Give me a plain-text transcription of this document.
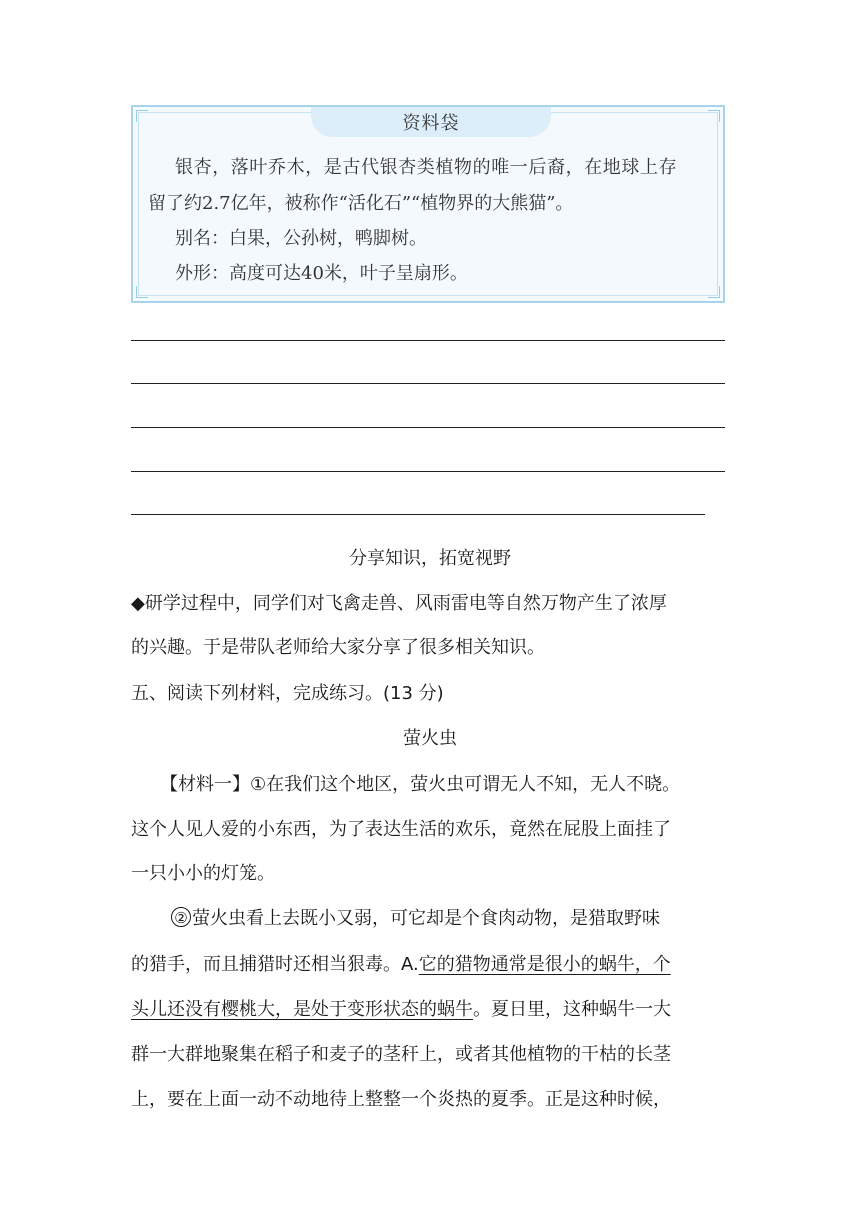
资料袋
银杏，落叶乔木，是古代银杏类植物的唯一后裔，在地球上存
留了约2.7亿年，被称作“活化石”“植物界的大熊猫”。
别名：白果，公孙树，鸭脚树。
外形：高度可达40米，叶子呈扇形。
分享知识，拓宽视野
◆研学过程中，同学们对飞禽走兽、风雨雷电等自然万物产生了浓厚
的兴趣。于是带队老师给大家分享了很多相关知识。
五、阅读下列材料，完成练习。(13 分)
萤火虫
【材料一】①在我们这个地区，萤火虫可谓无人不知，无人不晓。
这个人见人爱的小东西，为了表达生活的欢乐，竟然在屁股上面挂了
一只小小的灯笼。
② 萤火虫看上去既小又弱，可它却是个食肉动物，是猎取野味
的猎手，而且捕猎时还相当狠毒。A.它的猎物通常是很小的蜗牛，个
头儿还没有樱桃大，是处于变形状态的蜗牛。夏日里，这种蜗牛一大
群一大群地聚集在稻子和麦子的茎秆上，或者其他植物的干枯的长茎
上，要在上面一动不动地待上整整一个炎热的夏季。正是这种时候，
